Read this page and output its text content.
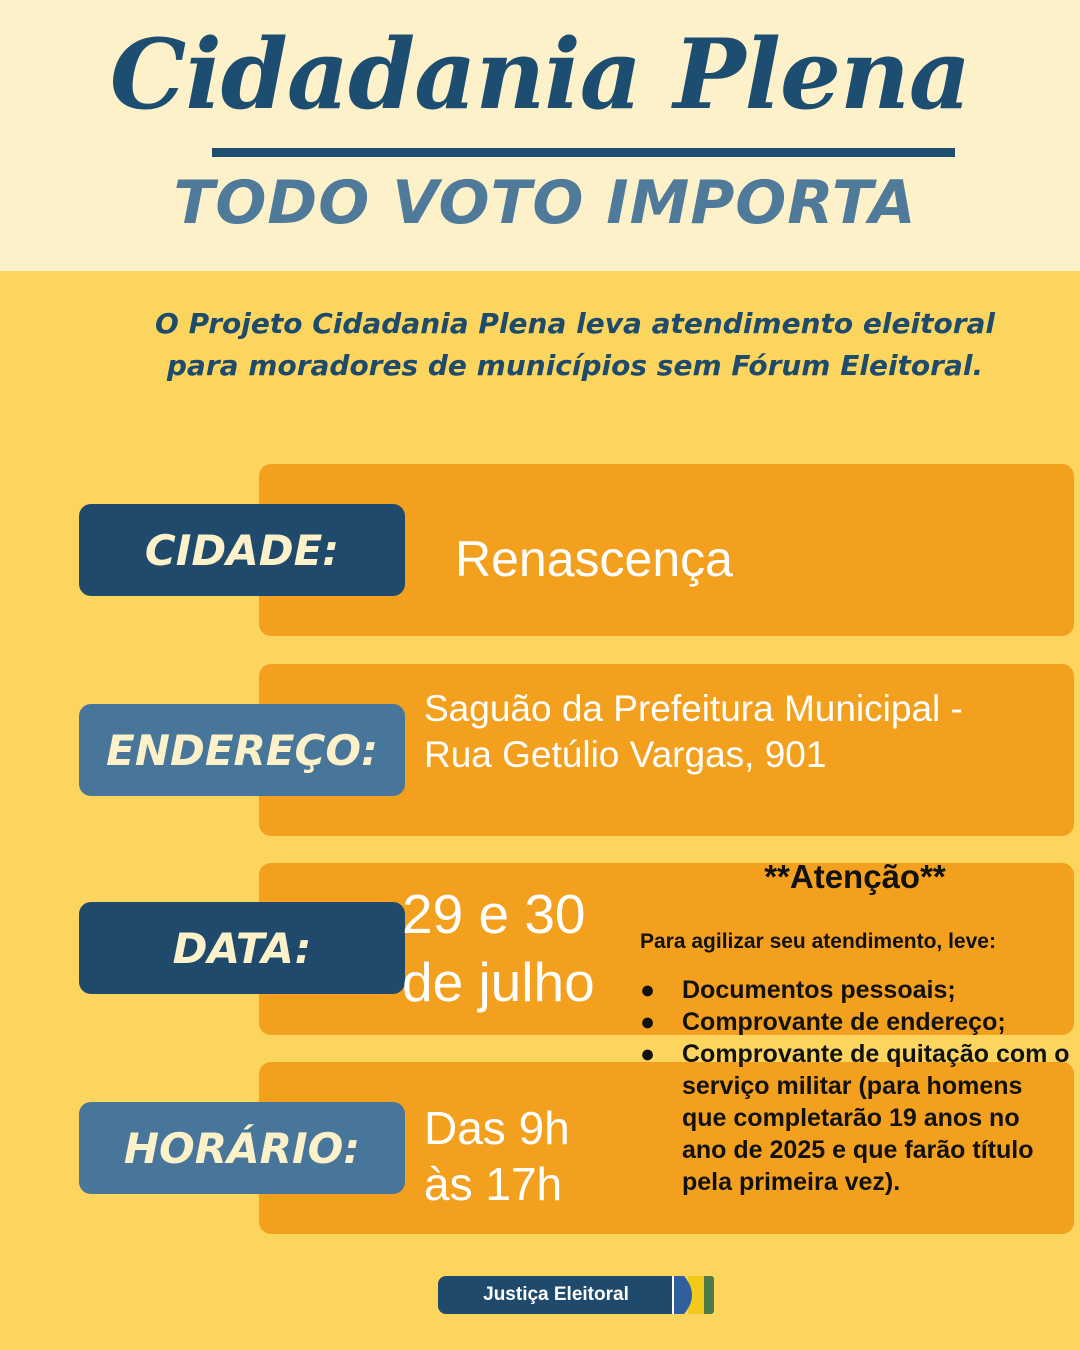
Cidadania Plena
TODO VOTO IMPORTA
O Projeto Cidadania Plena leva atendimento eleitoral para moradores de municípios sem Fórum Eleitoral.
CIDADE:	Renascença
ENDEREÇO:
Saguão da Prefeitura Municipal -
Rua Getúlio Vargas, 901
DATA:
29 e 30
de julho
HORÁRIO:	Das 9h
às 17h
**Atenção**
Para agilizar seu atendimento, leve:
● Documentos pessoais;
● Comprovante de endereço;
● Comprovante de quitação com o serviço militar (para homens que completarão 19 anos no ano de 2025 e que farão título pela primeira vez).
Justiça Eleitoral
